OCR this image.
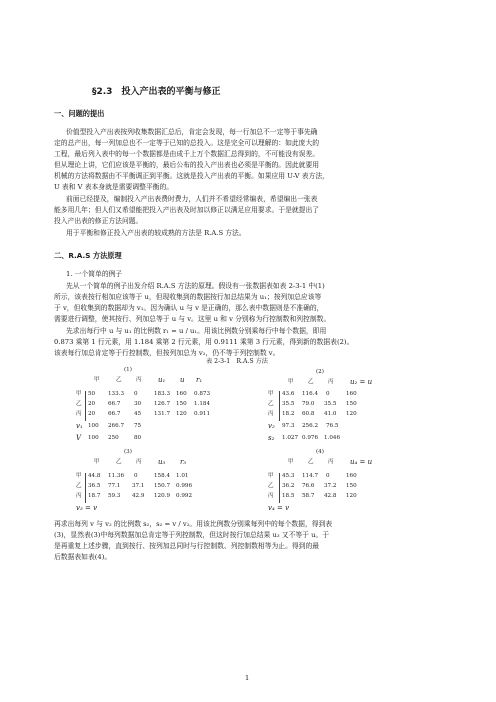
§2.3　投入产出表的平衡与修正
一、问题的提出
价值型投入产出表按列收集数据汇总后，肯定会发现，每一行加总不一定等于事先确
定的总产出，每一列加总也不一定等于已知的总投入。这是完全可以理解的：如此庞大的
工程，最后列入表中的每一个数据都是由成千上万个数据汇总得到的，不可能没有误差。
但从理论上讲，它们应该是平衡的，最后公布的投入产出表也必须是平衡的。因此就要用
机械的方法将数据由不平衡调正到平衡。这就是投入产出表的平衡。如果应用 U-V 表方法，
U 表和 V 表本身就是需要调整平衡的。
前面已经提及，编制投入产出表费时费力，人们并不希望经常编表，希望编出一张表
能多用几年；但人们又希望能把投入产出表及时加以修正以满足应用要求。于是就提出了
投入产出表的修正方法问题。
用于平衡和修正投入产出表的较成熟的方法是 R.A.S 方法。
二、R.A.S 方法原理
1. 一个简单的例子
先从一个简单的例子出发介绍 R.A.S 方法的原理。假设有一张数据表如表 2-3-1 中(1)
所示，该表按行相加应该等于 u，但现收集到的数据按行加总结果为 u₁；按列加总应该等
于 v，但收集到的数据却为 v₁。因为确认 u 与 v 是正确的，那么表中数据则是不准确的，
需要进行调整，使其按行、列加总等于 u 与 v。这里 u 和 v 分别称为行控制数和列控制数。
先求出每行中 u 与 u₁ 的比例数 r₁ = u / u₁。用该比例数分别乘每行中每个数据，即用
0.873 乘第 1 行元素，用 1.184 乘第 2 行元素，用 0.9111 乘第 3 行元素，得到新的数据表(2)。
该表每行加总肯定等于行控制数，但按列加总为 v₂，仍不等于列控制数 v。
表 2-3-1　R.A.S 方法
(1)
甲	乙	丙 u₁ u r₁
甲 50 133.3 0	183.3 160 0.873
乙 20 66.7 30 126.7 150 1.184
丙 20 66.7 45 131.7 120 0.911
v₁ 100 266.7 75
V 100 250	80
(2)
甲	乙	丙 u₂ = u
甲 43.6 116.4 0	160
乙 35.5 79.0 35.5 150
丙 18.2 60.8 41.0 120
v₂ 97.3 256.2 76.5
s₂ 1.027 0.976 1.046
(3)
甲	乙	丙 u₃ r₃
甲 44.8 11.36 0	158.4 1.01
乙 36.5 77.1 37.1 150.7 0.996
丙 18.7 59.3 42.9 120.9 0.992
v₃ = v
(4)
甲	乙	丙 u₄ = u
甲 45.3 114.7 0	160
乙 36.2 76.6 37.2 150
丙 18.5 58.7 42.8 120
v₄ = v
再求出每列 v 与 v₂ 的比例数 s₂，s₂ = v / v₂。用该比例数分别乘每列中的每个数据，得到表
(3)，显然表(3)中每列数据加总肯定等于列控制数，但这时按行加总结果 u₃ 又不等于 u。于
是再重复上述步骤，直到按行、按列加总同时与行控制数、列控制数相等为止。得到的最
后数据表如表(4)。
1
